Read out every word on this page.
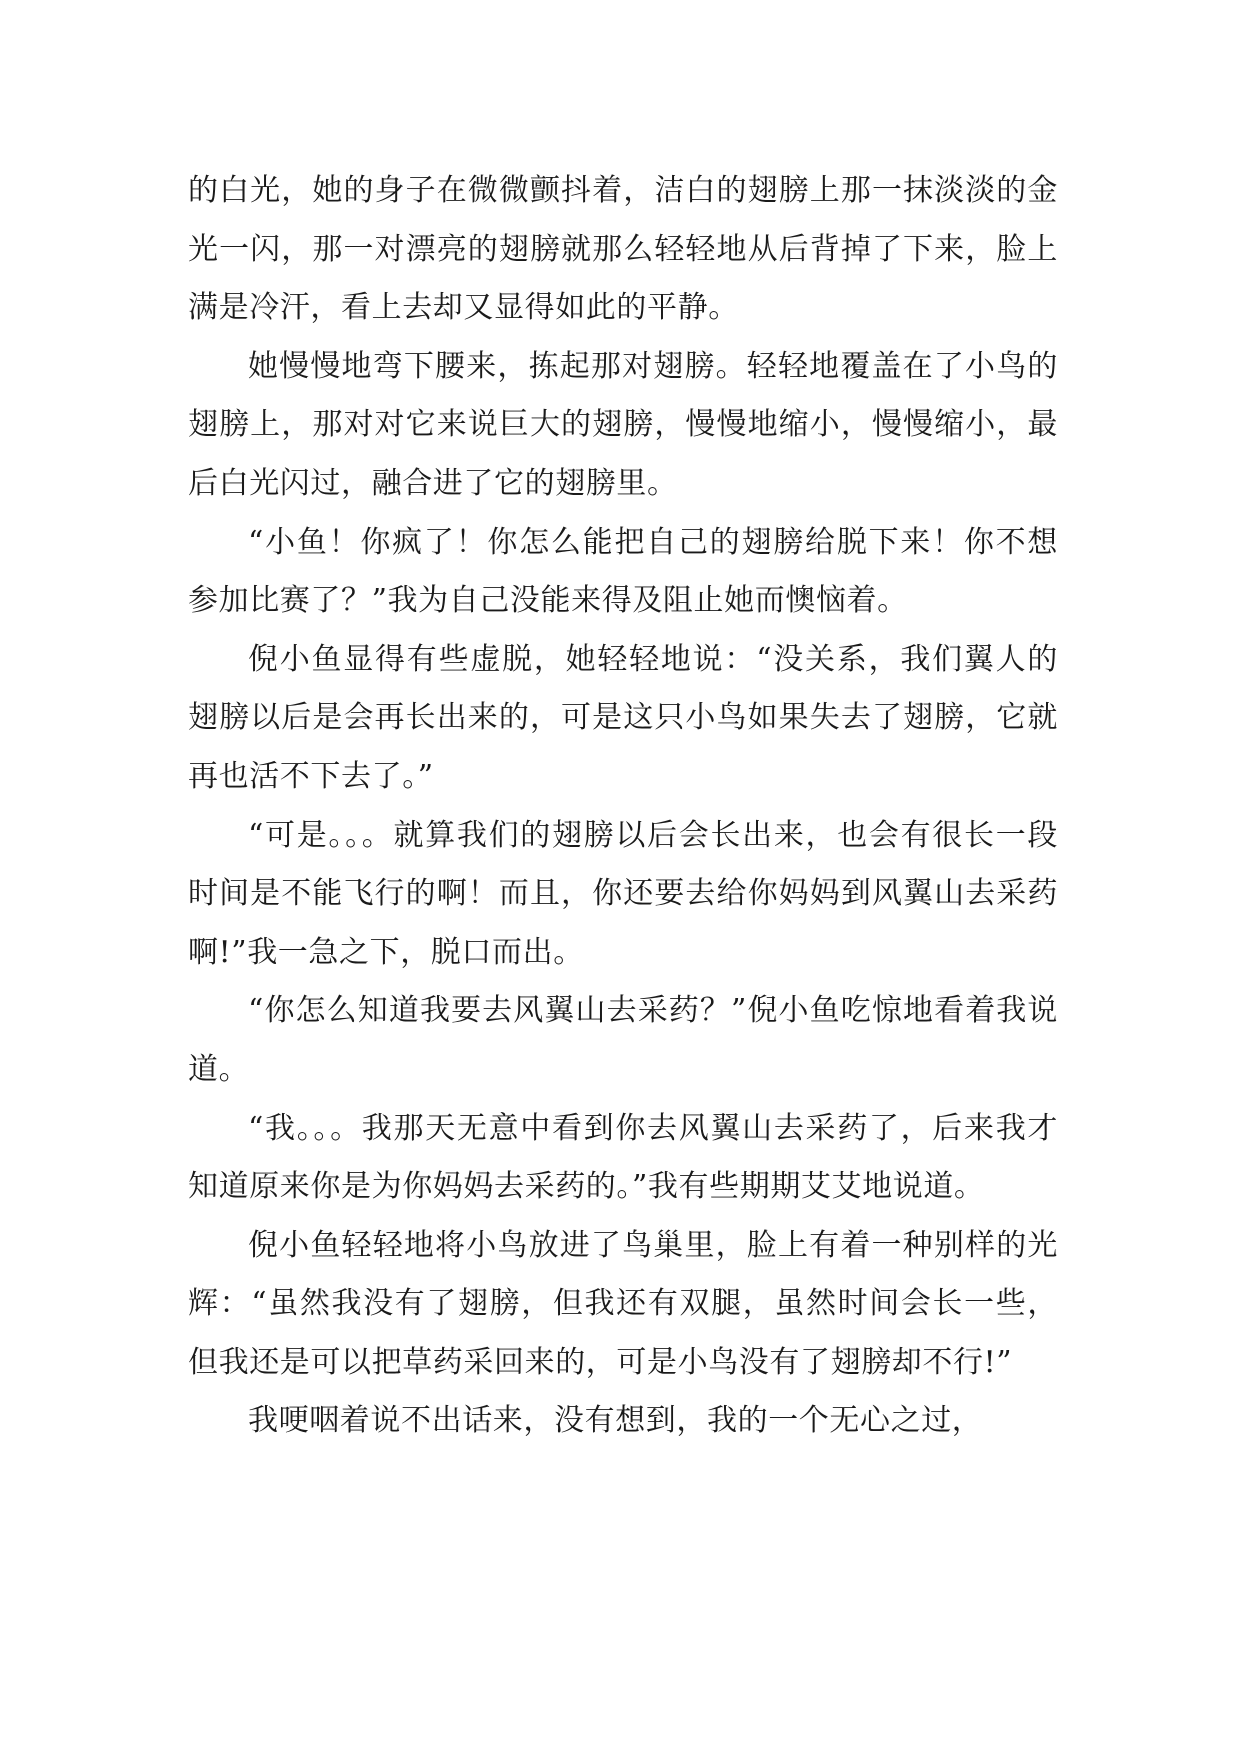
的白光，她的身子在微微颤抖着，洁白的翅膀上那一抹淡淡的金光一闪，那一对漂亮的翅膀就那么轻轻地从后背掉了下来，脸上满是冷汗，看上去却又显得如此的平静。

她慢慢地弯下腰来，拣起那对翅膀。轻轻地覆盖在了小鸟的翅膀上，那对对它来说巨大的翅膀，慢慢地缩小，慢慢缩小，最后白光闪过，融合进了它的翅膀里。

“小鱼！你疯了！你怎么能把自己的翅膀给脱下来！你不想参加比赛了？”我为自己没能来得及阻止她而懊恼着。

倪小鱼显得有些虚脱，她轻轻地说：“没关系，我们翼人的翅膀以后是会再长出来的，可是这只小鸟如果失去了翅膀，它就再也活不下去了。”

“可是。。。就算我们的翅膀以后会长出来，也会有很长一段时间是不能飞行的啊！而且，你还要去给你妈妈到风翼山去采药啊!”我一急之下，脱口而出。

“你怎么知道我要去风翼山去采药？”倪小鱼吃惊地看着我说道。

“我。。。我那天无意中看到你去风翼山去采药了，后来我才知道原来你是为你妈妈去采药的。”我有些期期艾艾地说道。

倪小鱼轻轻地将小鸟放进了鸟巢里，脸上有着一种别样的光辉：“虽然我没有了翅膀，但我还有双腿，虽然时间会长一些，但我还是可以把草药采回来的，可是小鸟没有了翅膀却不行!”

我哽咽着说不出话来，没有想到，我的一个无心之过，
